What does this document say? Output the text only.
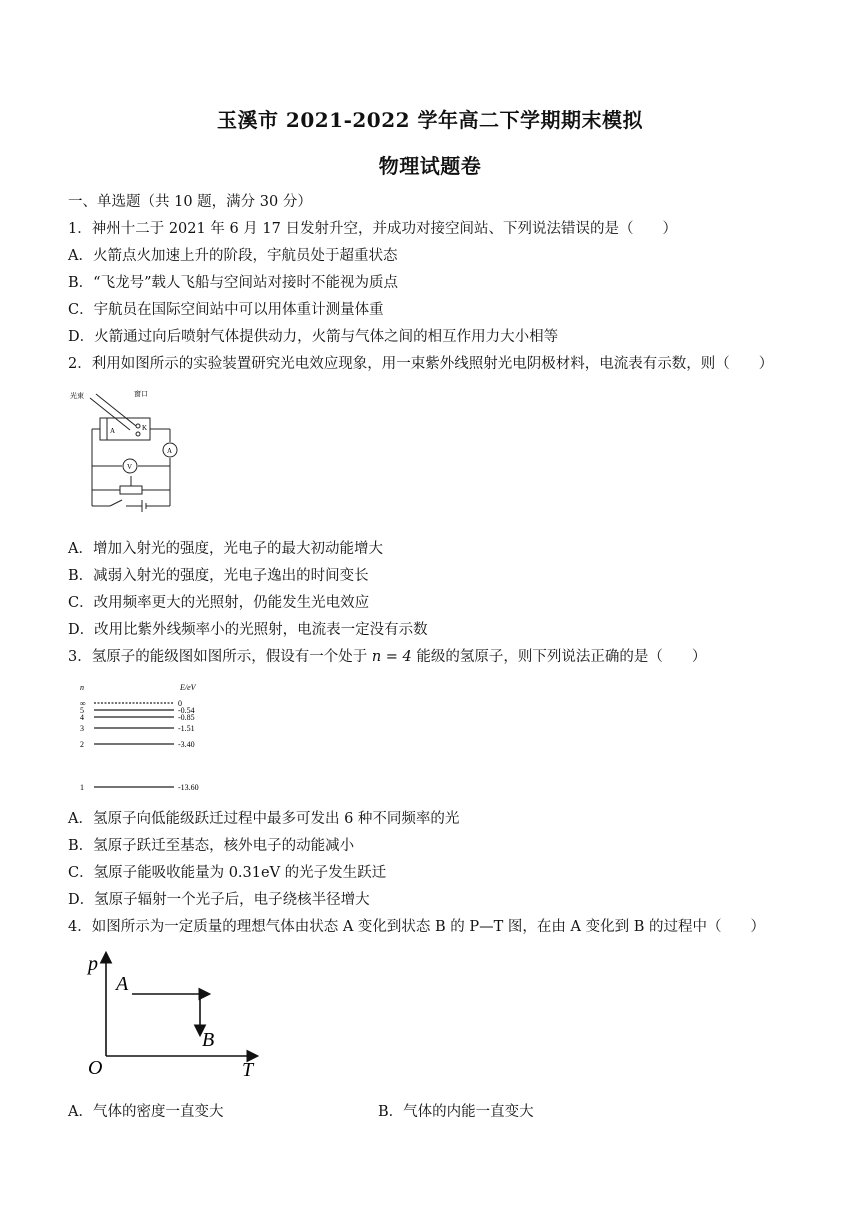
玉溪市 2021-2022 学年高二下学期期末模拟
物理试题卷
一、单选题（共 10 题，满分 30 分）
1．神州十二于 2021 年 6 月 17 日发射升空，并成功对接空间站、下列说法错误的是（　　）
A．火箭点火加速上升的阶段，宇航员处于超重状态
B．“飞龙号”载人飞船与空间站对接时不能视为质点
C．宇航员在国际空间站中可以用体重计测量体重
D．火箭通过向后喷射气体提供动力，火箭与气体之间的相互作用力大小相等
2．利用如图所示的实验装置研究光电效应现象，用一束紫外线照射光电阴极材料，电流表有示数，则（　　）
光束	窗口
A	K
A
V
A．增加入射光的强度，光电子的最大初动能增大
B．减弱入射光的强度，光电子逸出的时间变长
C．改用频率更大的光照射，仍能发生光电效应
D．改用比紫外线频率小的光照射，电流表一定没有示数
3．氢原子的能级图如图所示，假设有一个处于 n = 4 能级的氢原子，则下列说法正确的是（　　）
n	E/eV
∞
5
4
3
2
1
0
-0.54
-0.85
-1.51
-3.40
-13.60
A．氢原子向低能级跃迁过程中最多可发出 6 种不同频率的光
B．氢原子跃迁至基态，核外电子的动能减小
C．氢原子能吸收能量为 0.31eV 的光子发生跃迁
D．氢原子辐射一个光子后，电子绕核半径增大
4．如图所示为一定质量的理想气体由状态 A 变化到状态 B 的 P—T 图，在由 A 变化到 B 的过程中（　　）
p
T
O
A
B
A．气体的密度一直变大	B．气体的内能一直变大
